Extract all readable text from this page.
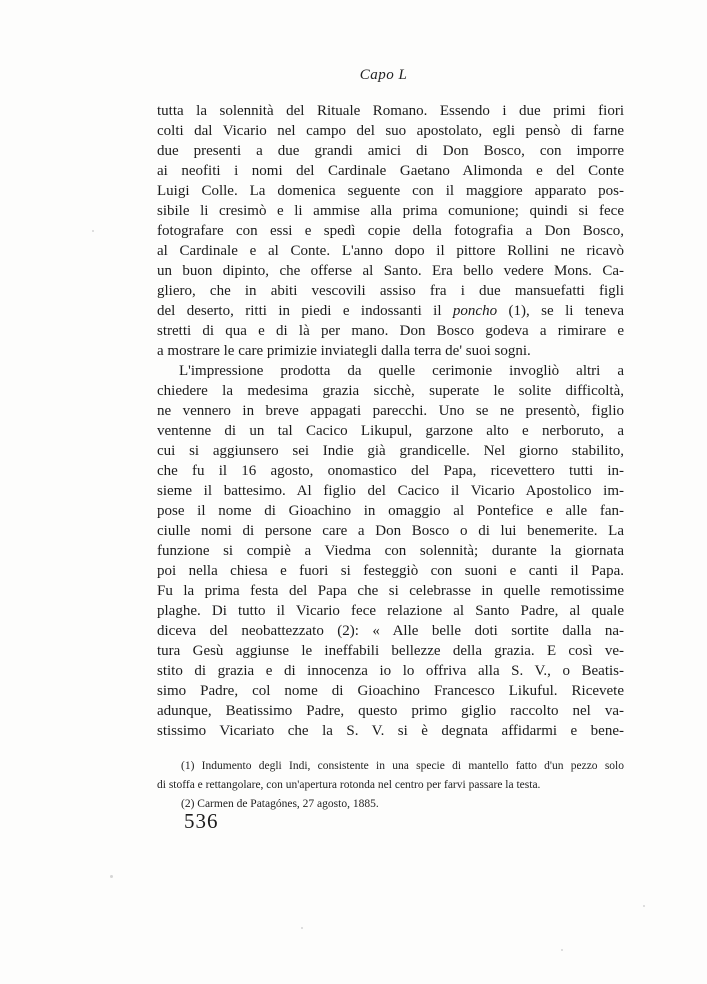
Capo L
tutta la solennità del Rituale Romano. Essendo i due primi fiori
colti dal Vicario nel campo del suo apostolato, egli pensò di farne
due presenti a due grandi amici di Don Bosco, con imporre
ai neofiti i nomi del Cardinale Gaetano Alimonda e del Conte
Luigi Colle. La domenica seguente con il maggiore apparato pos-
sibile li cresimò e li ammise alla prima comunione; quindi si fece
fotografare con essi e spedì copie della fotografia a Don Bosco,
al Cardinale e al Conte. L'anno dopo il pittore Rollini ne ricavò
un buon dipinto, che offerse al Santo. Era bello vedere Mons. Ca-
gliero, che in abiti vescovili assiso fra i due mansuefatti figli
del deserto, ritti in piedi e indossanti il poncho (1), se li teneva
stretti di qua e di là per mano. Don Bosco godeva a rimirare e
a mostrare le care primizie inviategli dalla terra de' suoi sogni.
L'impressione prodotta da quelle cerimonie invogliò altri a
chiedere la medesima grazia sicchè, superate le solite difficoltà,
ne vennero in breve appagati parecchi. Uno se ne presentò, figlio
ventenne di un tal Cacico Likupul, garzone alto e nerboruto, a
cui si aggiunsero sei Indie già grandicelle. Nel giorno stabilito,
che fu il 16 agosto, onomastico del Papa, ricevettero tutti in-
sieme il battesimo. Al figlio del Cacico il Vicario Apostolico im-
pose il nome di Gioachino in omaggio al Pontefice e alle fan-
ciulle nomi di persone care a Don Bosco o di lui benemerite. La
funzione si compiè a Viedma con solennità; durante la giornata
poi nella chiesa e fuori si festeggiò con suoni e canti il Papa.
Fu la prima festa del Papa che si celebrasse in quelle remotissime
plaghe. Di tutto il Vicario fece relazione al Santo Padre, al quale
diceva del neobattezzato (2): « Alle belle doti sortite dalla na-
tura Gesù aggiunse le ineffabili bellezze della grazia. E così ve-
stito di grazia e di innocenza io lo offriva alla S. V., o Beatis-
simo Padre, col nome di Gioachino Francesco Likuful. Ricevete
adunque, Beatissimo Padre, questo primo giglio raccolto nel va-
stissimo Vicariato che la S. V. si è degnata affidarmi e bene-
(1) Indumento degli Indi, consistente in una specie di mantello fatto d'un pezzo solo
di stoffa e rettangolare, con un'apertura rotonda nel centro per farvi passare la testa.
(2) Carmen de Patagónes, 27 agosto, 1885.
536
